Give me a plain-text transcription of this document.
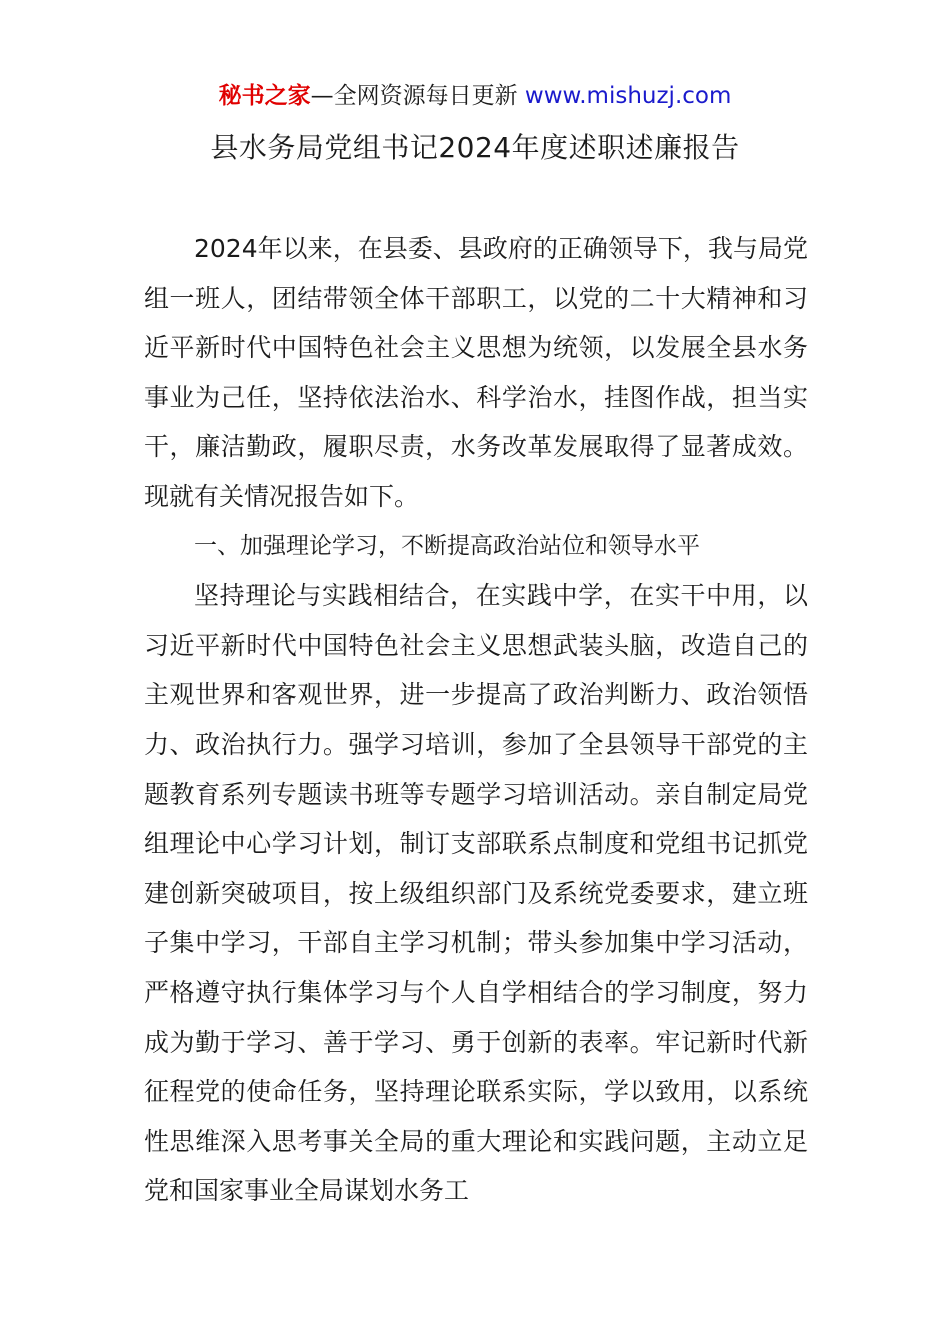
秘书之家—全网资源每日更新 www.mishuzj.com
县水务局党组书记2024年度述职述廉报告

2024年以来，在县委、县政府的正确领导下，我与局党组一班人，团结带领全体干部职工，以党的二十大精神和习近平新时代中国特色社会主义思想为统领，以发展全县水务事业为己任，坚持依法治水、科学治水，挂图作战，担当实干，廉洁勤政，履职尽责，水务改革发展取得了显著成效。现就有关情况报告如下。

一、加强理论学习，不断提高政治站位和领导水平

坚持理论与实践相结合，在实践中学，在实干中用，以习近平新时代中国特色社会主义思想武装头脑，改造自己的主观世界和客观世界，进一步提高了政治判断力、政治领悟力、政治执行力。强学习培训，参加了全县领导干部党的主题教育系列专题读书班等专题学习培训活动。亲自制定局党组理论中心学习计划，制订支部联系点制度和党组书记抓党建创新突破项目，按上级组织部门及系统党委要求，建立班子集中学习，干部自主学习机制；带头参加集中学习活动，严格遵守执行集体学习与个人自学相结合的学习制度，努力成为勤于学习、善于学习、勇于创新的表率。牢记新时代新征程党的使命任务，坚持理论联系实际，学以致用，以系统性思维深入思考事关全局的重大理论和实践问题，主动立足党和国家事业全局谋划水务工
